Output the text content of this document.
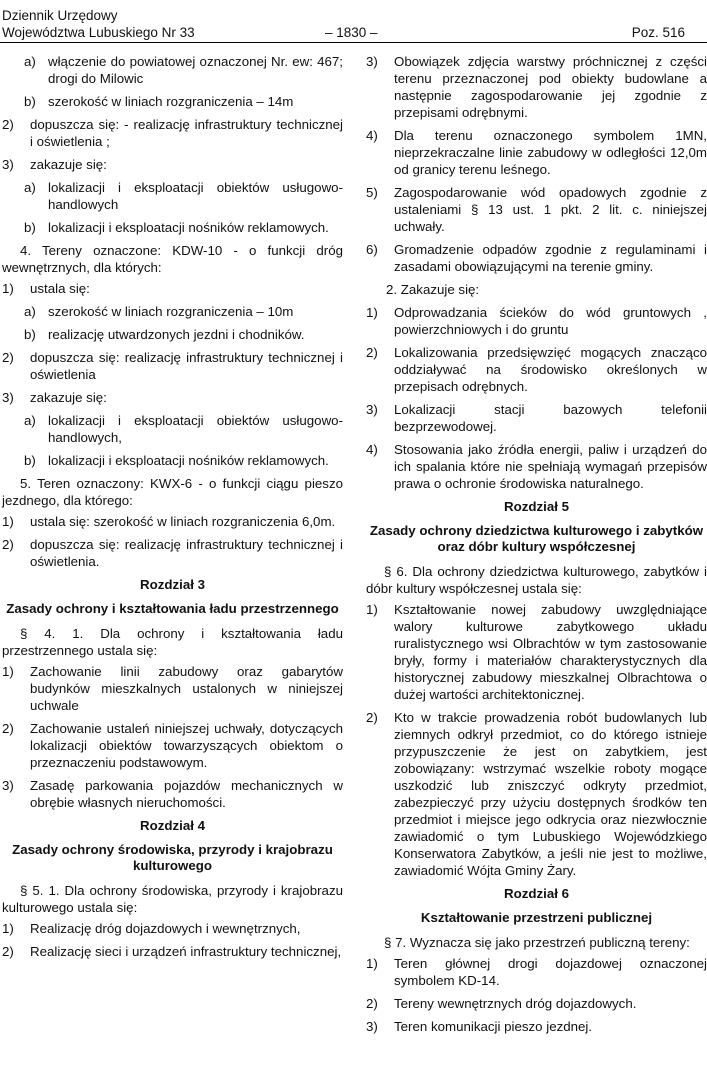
Dziennik Urzędowy
Województwa Lubuskiego Nr 33	– 1830 –	Poz. 516
a) włączenie do powiatowej oznaczonej Nr. ew: 467; drogi do Milowic
b) szerokość w liniach rozgraniczenia – 14m
2)	dopuszcza się: - realizację infrastruktury technicznej i oświetlenia ;
3)	zakazuje się:
a) lokalizacji i eksploatacji obiektów usługowo-handlowych
b) lokalizacji i eksploatacji nośników reklamowych.
4. Tereny oznaczone: KDW-10 - o funkcji dróg wewnętrznych, dla których:
1)	ustala się:
a) szerokość w liniach rozgraniczenia – 10m
b) realizację utwardzonych jezdni i chodników.
2)	dopuszcza się: realizację infrastruktury technicznej i oświetlenia
3)	zakazuje się:
a) lokalizacji i eksploatacji obiektów usługowo-handlowych,
b) lokalizacji i eksploatacji nośników reklamowych.
5. Teren oznaczony: KWX-6 - o funkcji ciągu pieszo jezdnego, dla którego:
1)	ustala się: szerokość w liniach rozgraniczenia 6,0m.
2)	dopuszcza się: realizację infrastruktury technicznej i oświetlenia.
Rozdział 3
Zasady ochrony i kształtowania ładu przestrzennego
§ 4. 1. Dla ochrony i kształtowania ładu przestrzennego ustala się:
1)	Zachowanie linii zabudowy oraz gabarytów budynków mieszkalnych ustalonych w niniejszej uchwale
2)	Zachowanie ustaleń niniejszej uchwały, dotyczących lokalizacji obiektów towarzyszących obiektom o przeznaczeniu podstawowym.
3)	Zasadę parkowania pojazdów mechanicznych w obrębie własnych nieruchomości.
Rozdział 4
Zasady ochrony środowiska, przyrody i krajobrazu kulturowego
§ 5. 1. Dla ochrony środowiska, przyrody i krajobrazu kulturowego ustala się:
1)	Realizację dróg dojazdowych i wewnętrznych,
2)	Realizację sieci i urządzeń infrastruktury technicznej,
3)	Obowiązek zdjęcia warstwy próchnicznej z części terenu przeznaczonej pod obiekty budowlane a następnie zagospodarowanie jej zgodnie z przepisami odrębnymi.
4)	Dla terenu oznaczonego symbolem 1MN, nieprzekraczalne linie zabudowy w odległości 12,0m od granicy terenu leśnego.
5)	Zagospodarowanie wód opadowych zgodnie z ustaleniami § 13 ust. 1 pkt. 2 lit. c. niniejszej uchwały.
6)	Gromadzenie odpadów zgodnie z regulaminami i zasadami obowiązującymi na terenie gminy.
2. Zakazuje się:
1)	Odprowadzania ścieków do wód gruntowych , powierzchniowych i do gruntu
2)	Lokalizowania przedsięwzięć mogących znacząco oddziaływać na środowisko określonych w przepisach odrębnych.
3)	Lokalizacji stacji bazowych telefonii bezprzewodowej.
4)	Stosowania jako źródła energii, paliw i urządzeń do ich spalania które nie spełniają wymagań przepisów prawa o ochronie środowiska naturalnego.
Rozdział 5
Zasady ochrony dziedzictwa kulturowego i zabytków oraz dóbr kultury współczesnej
§ 6. Dla ochrony dziedzictwa kulturowego, zabytków i dóbr kultury współczesnej ustala się:
1)	Kształtowanie nowej zabudowy uwzględniające walory kulturowe zabytkowego układu ruralistycznego wsi Olbrachtów w tym zastosowanie bryły, formy i materiałów charakterystycznych dla historycznej zabudowy mieszkalnej Olbrachtowa o dużej wartości architektonicznej.
2)	Kto w trakcie prowadzenia robót budowlanych lub ziemnych odkrył przedmiot, co do którego istnieje przypuszczenie że jest on zabytkiem, jest zobowiązany: wstrzymać wszelkie roboty mogące uszkodzić lub zniszczyć odkryty przedmiot, zabezpieczyć przy użyciu dostępnych środków ten przedmiot i miejsce jego odkrycia oraz niezwłocznie zawiadomić o tym Lubuskiego Wojewódzkiego Konserwatora Zabytków, a jeśli nie jest to możliwe, zawiadomić Wójta Gminy Żary.
Rozdział 6
Kształtowanie przestrzeni publicznej
§ 7. Wyznacza się jako przestrzeń publiczną tereny:
1)	Teren głównej drogi dojazdowej oznaczonej symbolem KD-14.
2)	Tereny wewnętrznych dróg dojazdowych.
3)	Teren komunikacji pieszo jezdnej.
